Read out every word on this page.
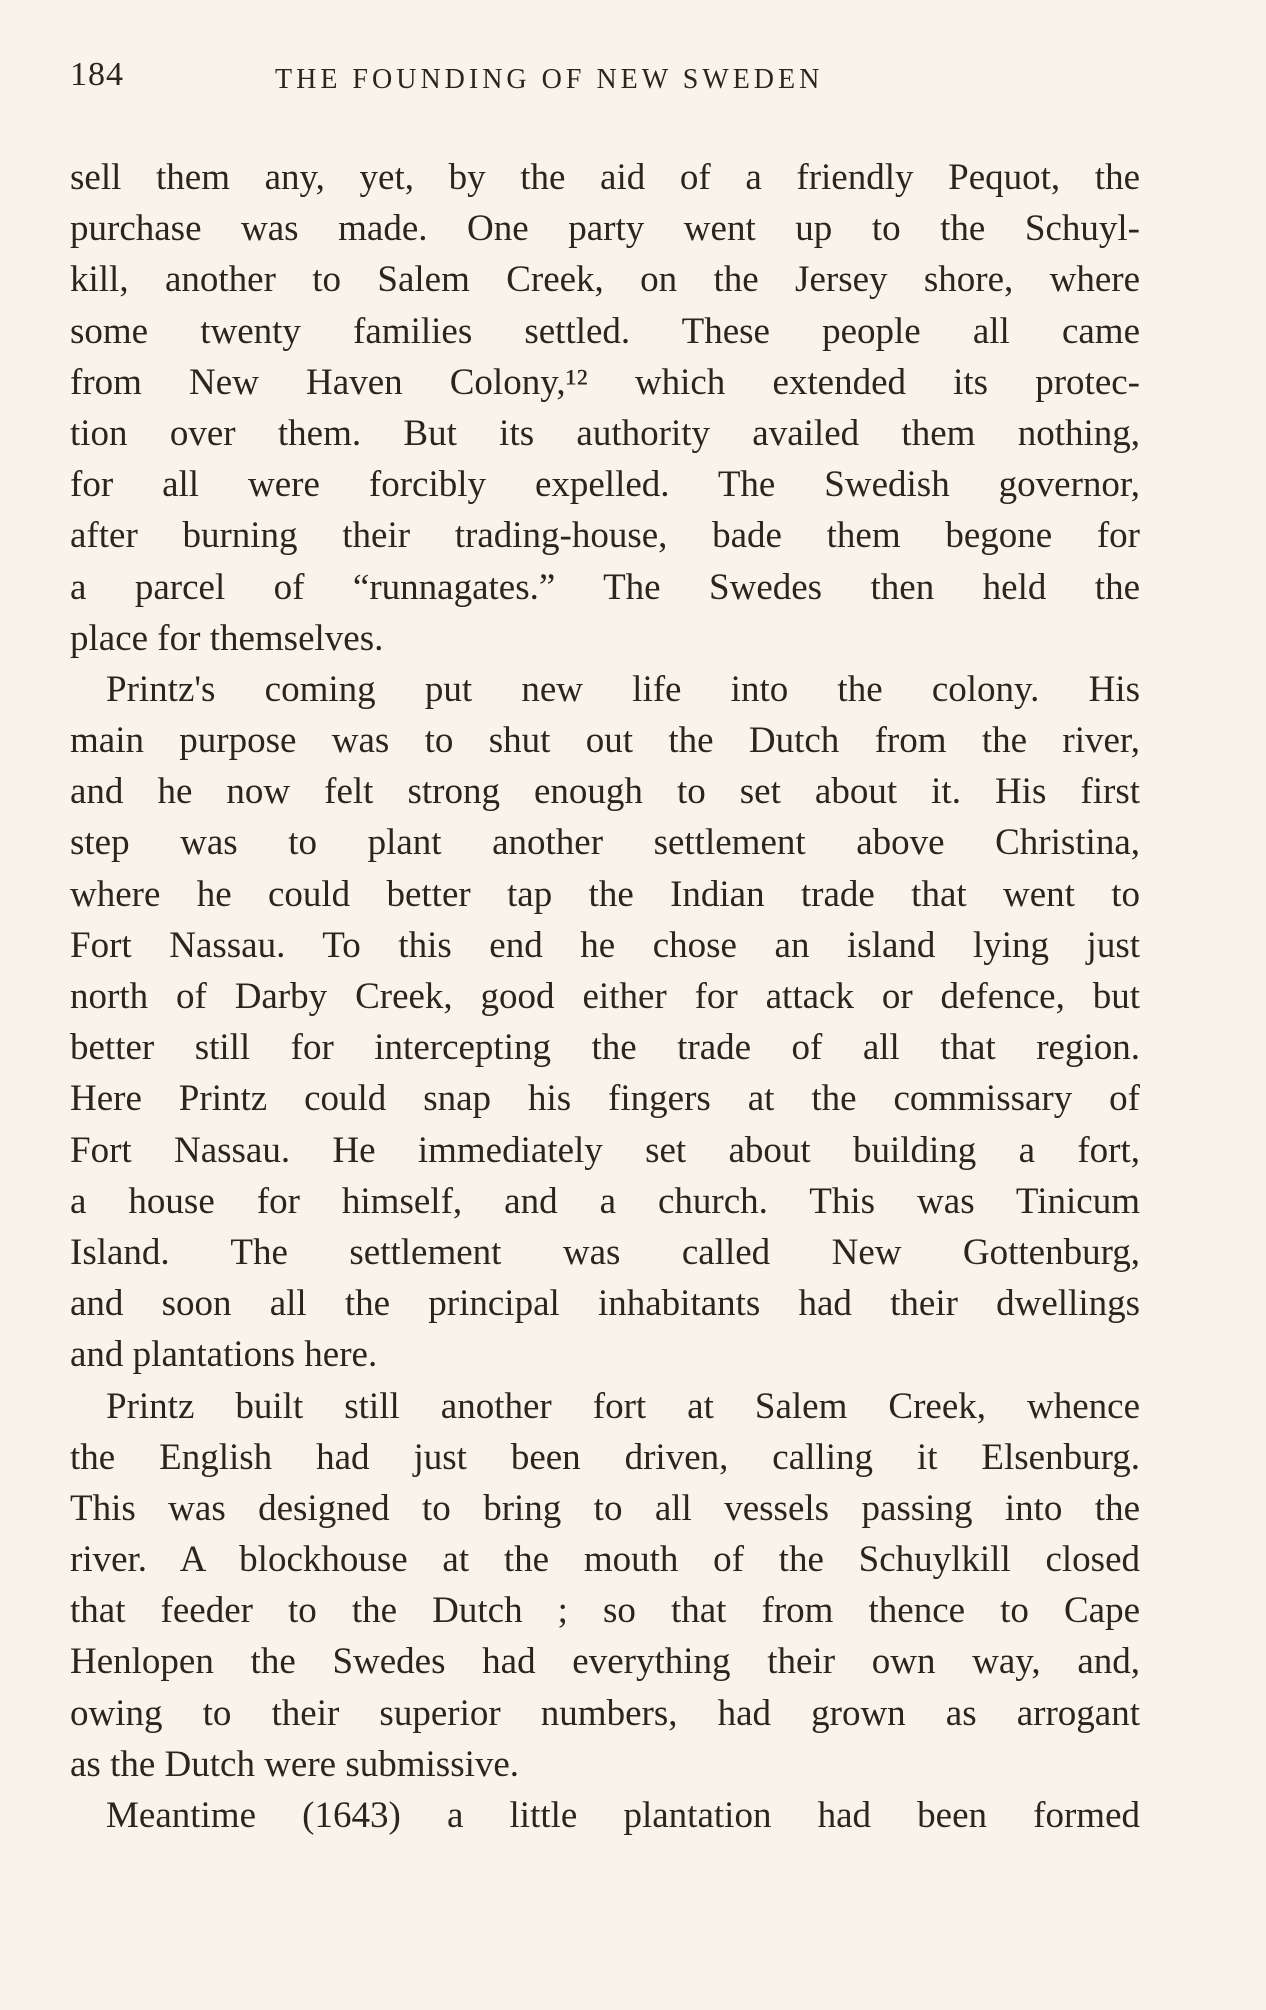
184	THE FOUNDING OF NEW SWEDEN
sell them any, yet, by the aid of a friendly Pequot, the
purchase was made. One party went up to the Schuyl-
kill, another to Salem Creek, on the Jersey shore, where
some twenty families settled. These people all came
from New Haven Colony,¹² which extended its protec-
tion over them. But its authority availed them nothing,
for all were forcibly expelled. The Swedish governor,
after burning their trading-house, bade them begone for
a parcel of “runnagates.” The Swedes then held the
place for themselves.
Printz's coming put new life into the colony. His
main purpose was to shut out the Dutch from the river,
and he now felt strong enough to set about it. His first
step was to plant another settlement above Christina,
where he could better tap the Indian trade that went to
Fort Nassau. To this end he chose an island lying just
north of Darby Creek, good either for attack or defence, but
better still for intercepting the trade of all that region.
Here Printz could snap his fingers at the commissary of
Fort Nassau. He immediately set about building a fort,
a house for himself, and a church. This was Tinicum
Island. The settlement was called New Gottenburg,
and soon all the principal inhabitants had their dwellings
and plantations here.
Printz built still another fort at Salem Creek, whence
the English had just been driven, calling it Elsenburg.
This was designed to bring to all vessels passing into the
river. A blockhouse at the mouth of the Schuylkill closed
that feeder to the Dutch ; so that from thence to Cape
Henlopen the Swedes had everything their own way, and,
owing to their superior numbers, had grown as arrogant
as the Dutch were submissive.
Meantime (1643) a little plantation had been formed
